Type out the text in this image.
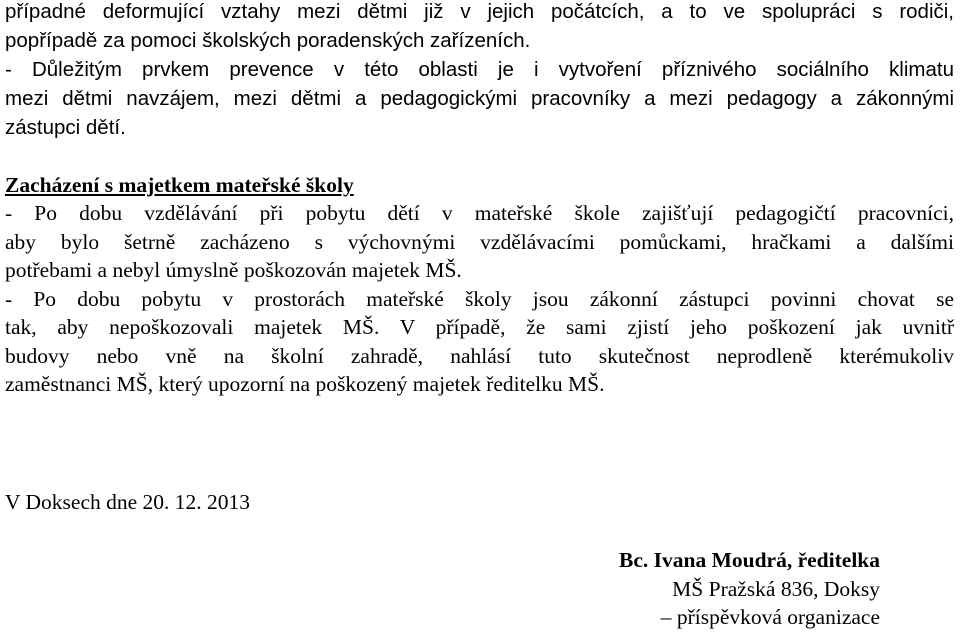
případné deformující vztahy mezi dětmi již v jejich počátcích, a to ve spolupráci s rodiči,
popřípadě za pomoci školských poradenských zařízeních.
- Důležitým prvkem prevence v této oblasti je i vytvoření příznivého sociálního klimatu
mezi dětmi navzájem, mezi dětmi a pedagogickými pracovníky a mezi pedagogy a zákonnými
zástupci dětí.
Zacházení s majetkem mateřské školy
- Po dobu vzdělávání při pobytu dětí v mateřské škole zajišťují pedagogičtí pracovníci,
aby bylo šetrně zacházeno s výchovnými vzdělávacími pomůckami, hračkami a dalšími
potřebami a nebyl úmyslně poškozován majetek MŠ.
- Po dobu pobytu v prostorách mateřské školy jsou zákonní zástupci povinni chovat se
tak, aby nepoškozovali majetek MŠ. V případě, že sami zjistí jeho poškození jak uvnitř
budovy nebo vně na školní zahradě, nahlásí tuto skutečnost neprodleně kterémukoliv
zaměstnanci MŠ, který upozorní na poškozený majetek ředitelku MŠ.
V Doksech dne 20. 12. 2013
Bc. Ivana Moudrá, ředitelka
MŠ Pražská 836, Doksy
– příspěvková organizace
